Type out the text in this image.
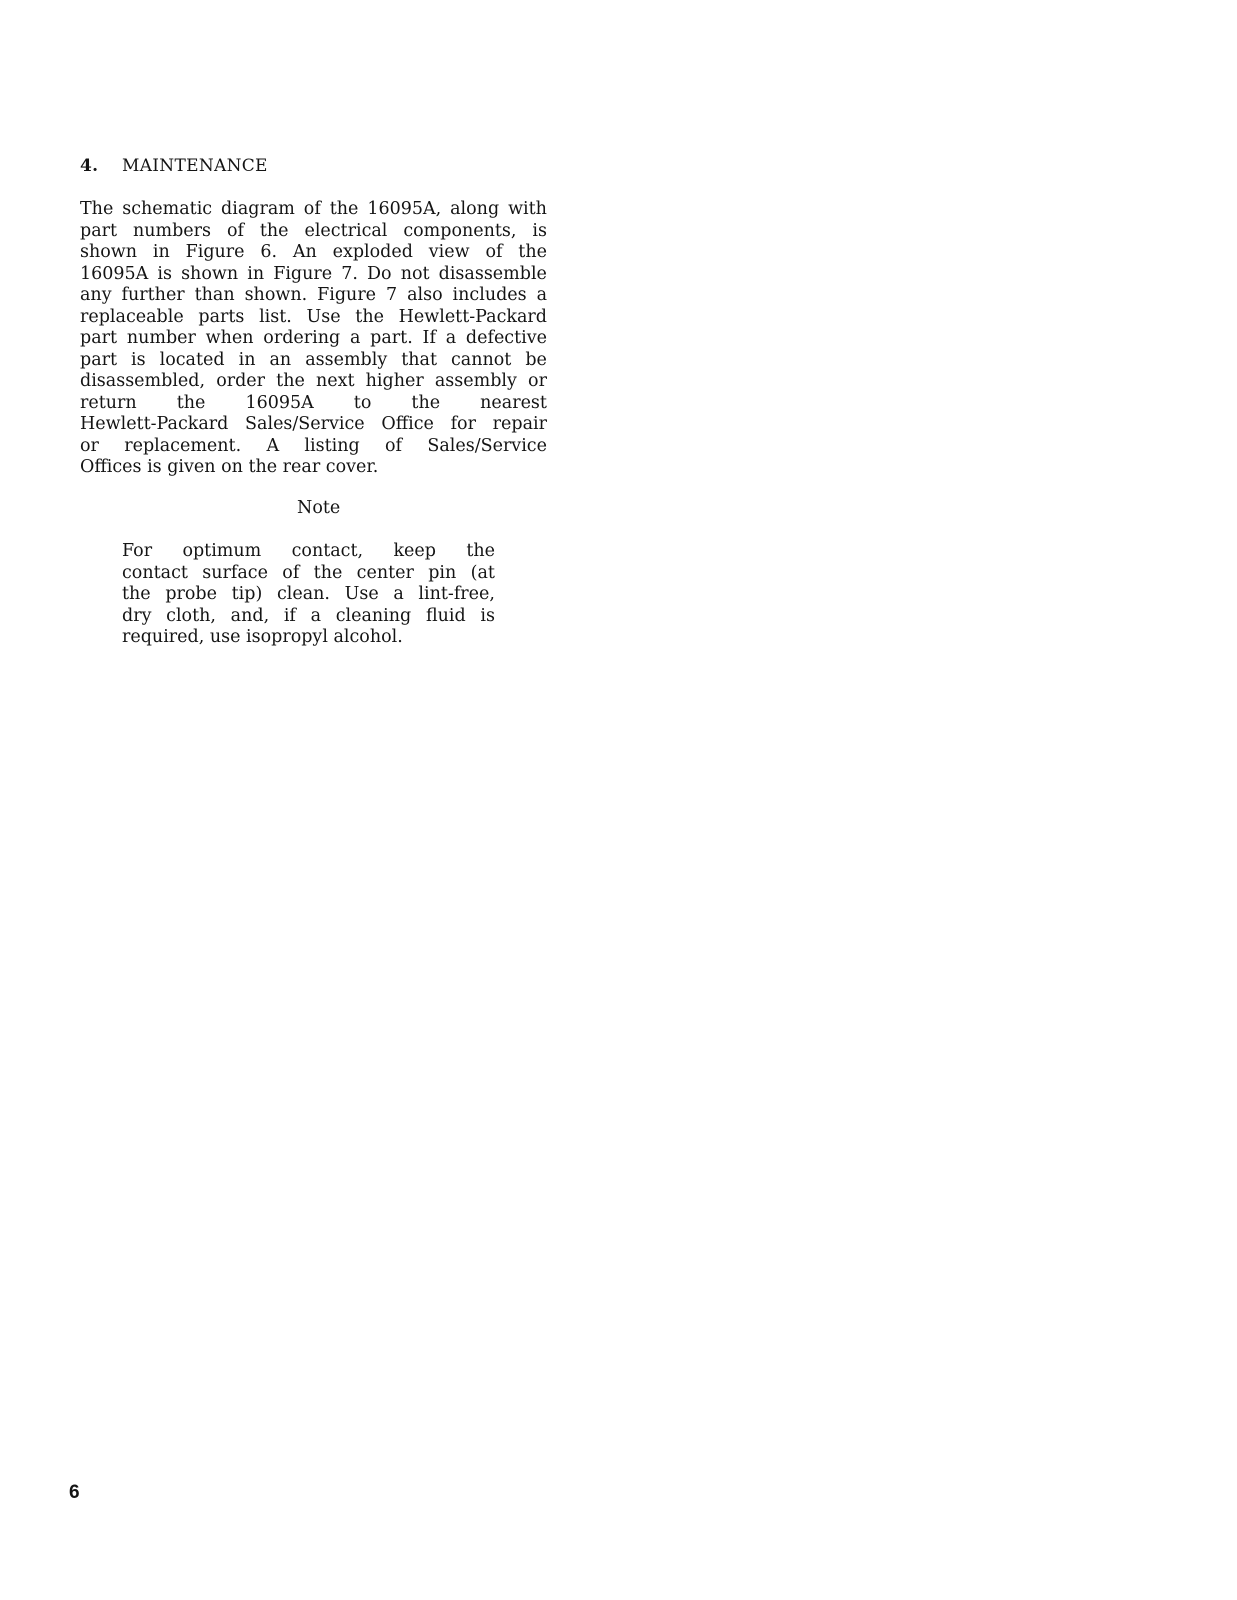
4. MAINTENANCE
The schematic diagram of the 16095A, along with
part numbers of the electrical components, is
shown in Figure 6. An exploded view of the
16095A is shown in Figure 7. Do not disassemble
any further than shown. Figure 7 also includes a
replaceable parts list. Use the Hewlett-Packard
part number when ordering a part. If a defective
part is located in an assembly that cannot be
disassembled, order the next higher assembly or
return the 16095A to the nearest
Hewlett-Packard Sales/Service Office for repair
or replacement. A listing of Sales/Service
Offices is given on the rear cover.
Note
For optimum contact, keep the
contact surface of the center pin (at
the probe tip) clean. Use a lint-free,
dry cloth, and, if a cleaning fluid is
required, use isopropyl alcohol.
6
